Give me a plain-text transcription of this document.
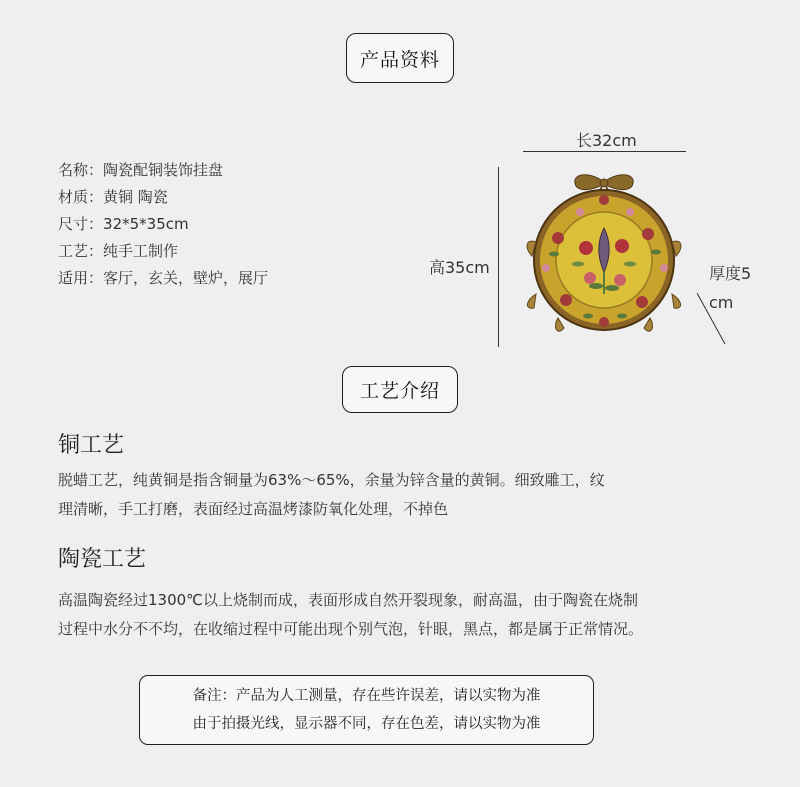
产品资料
名称：陶瓷配铜装饰挂盘
材质：黄铜 陶瓷
尺寸：32*5*35cm
工艺：纯手工制作
适用：客厅，玄关，壁炉，展厅
长32cm
高35cm	厚度5
cm
工艺介绍
铜工艺
脱蜡工艺，纯黄铜是指含铜量为63%～65%，余量为锌含量的黄铜。细致雕工，纹
理清晰，手工打磨，表面经过高温烤漆防氧化处理，不掉色
陶瓷工艺
高温陶瓷经过1300℃以上烧制而成，表面形成自然开裂现象，耐高温，由于陶瓷在烧制
过程中水分不不均，在收缩过程中可能出现个别气泡，针眼，黑点，都是属于正常情况。
备注：产品为人工测量，存在些许误差，请以实物为准
由于拍摄光线，显示器不同，存在色差，请以实物为准
